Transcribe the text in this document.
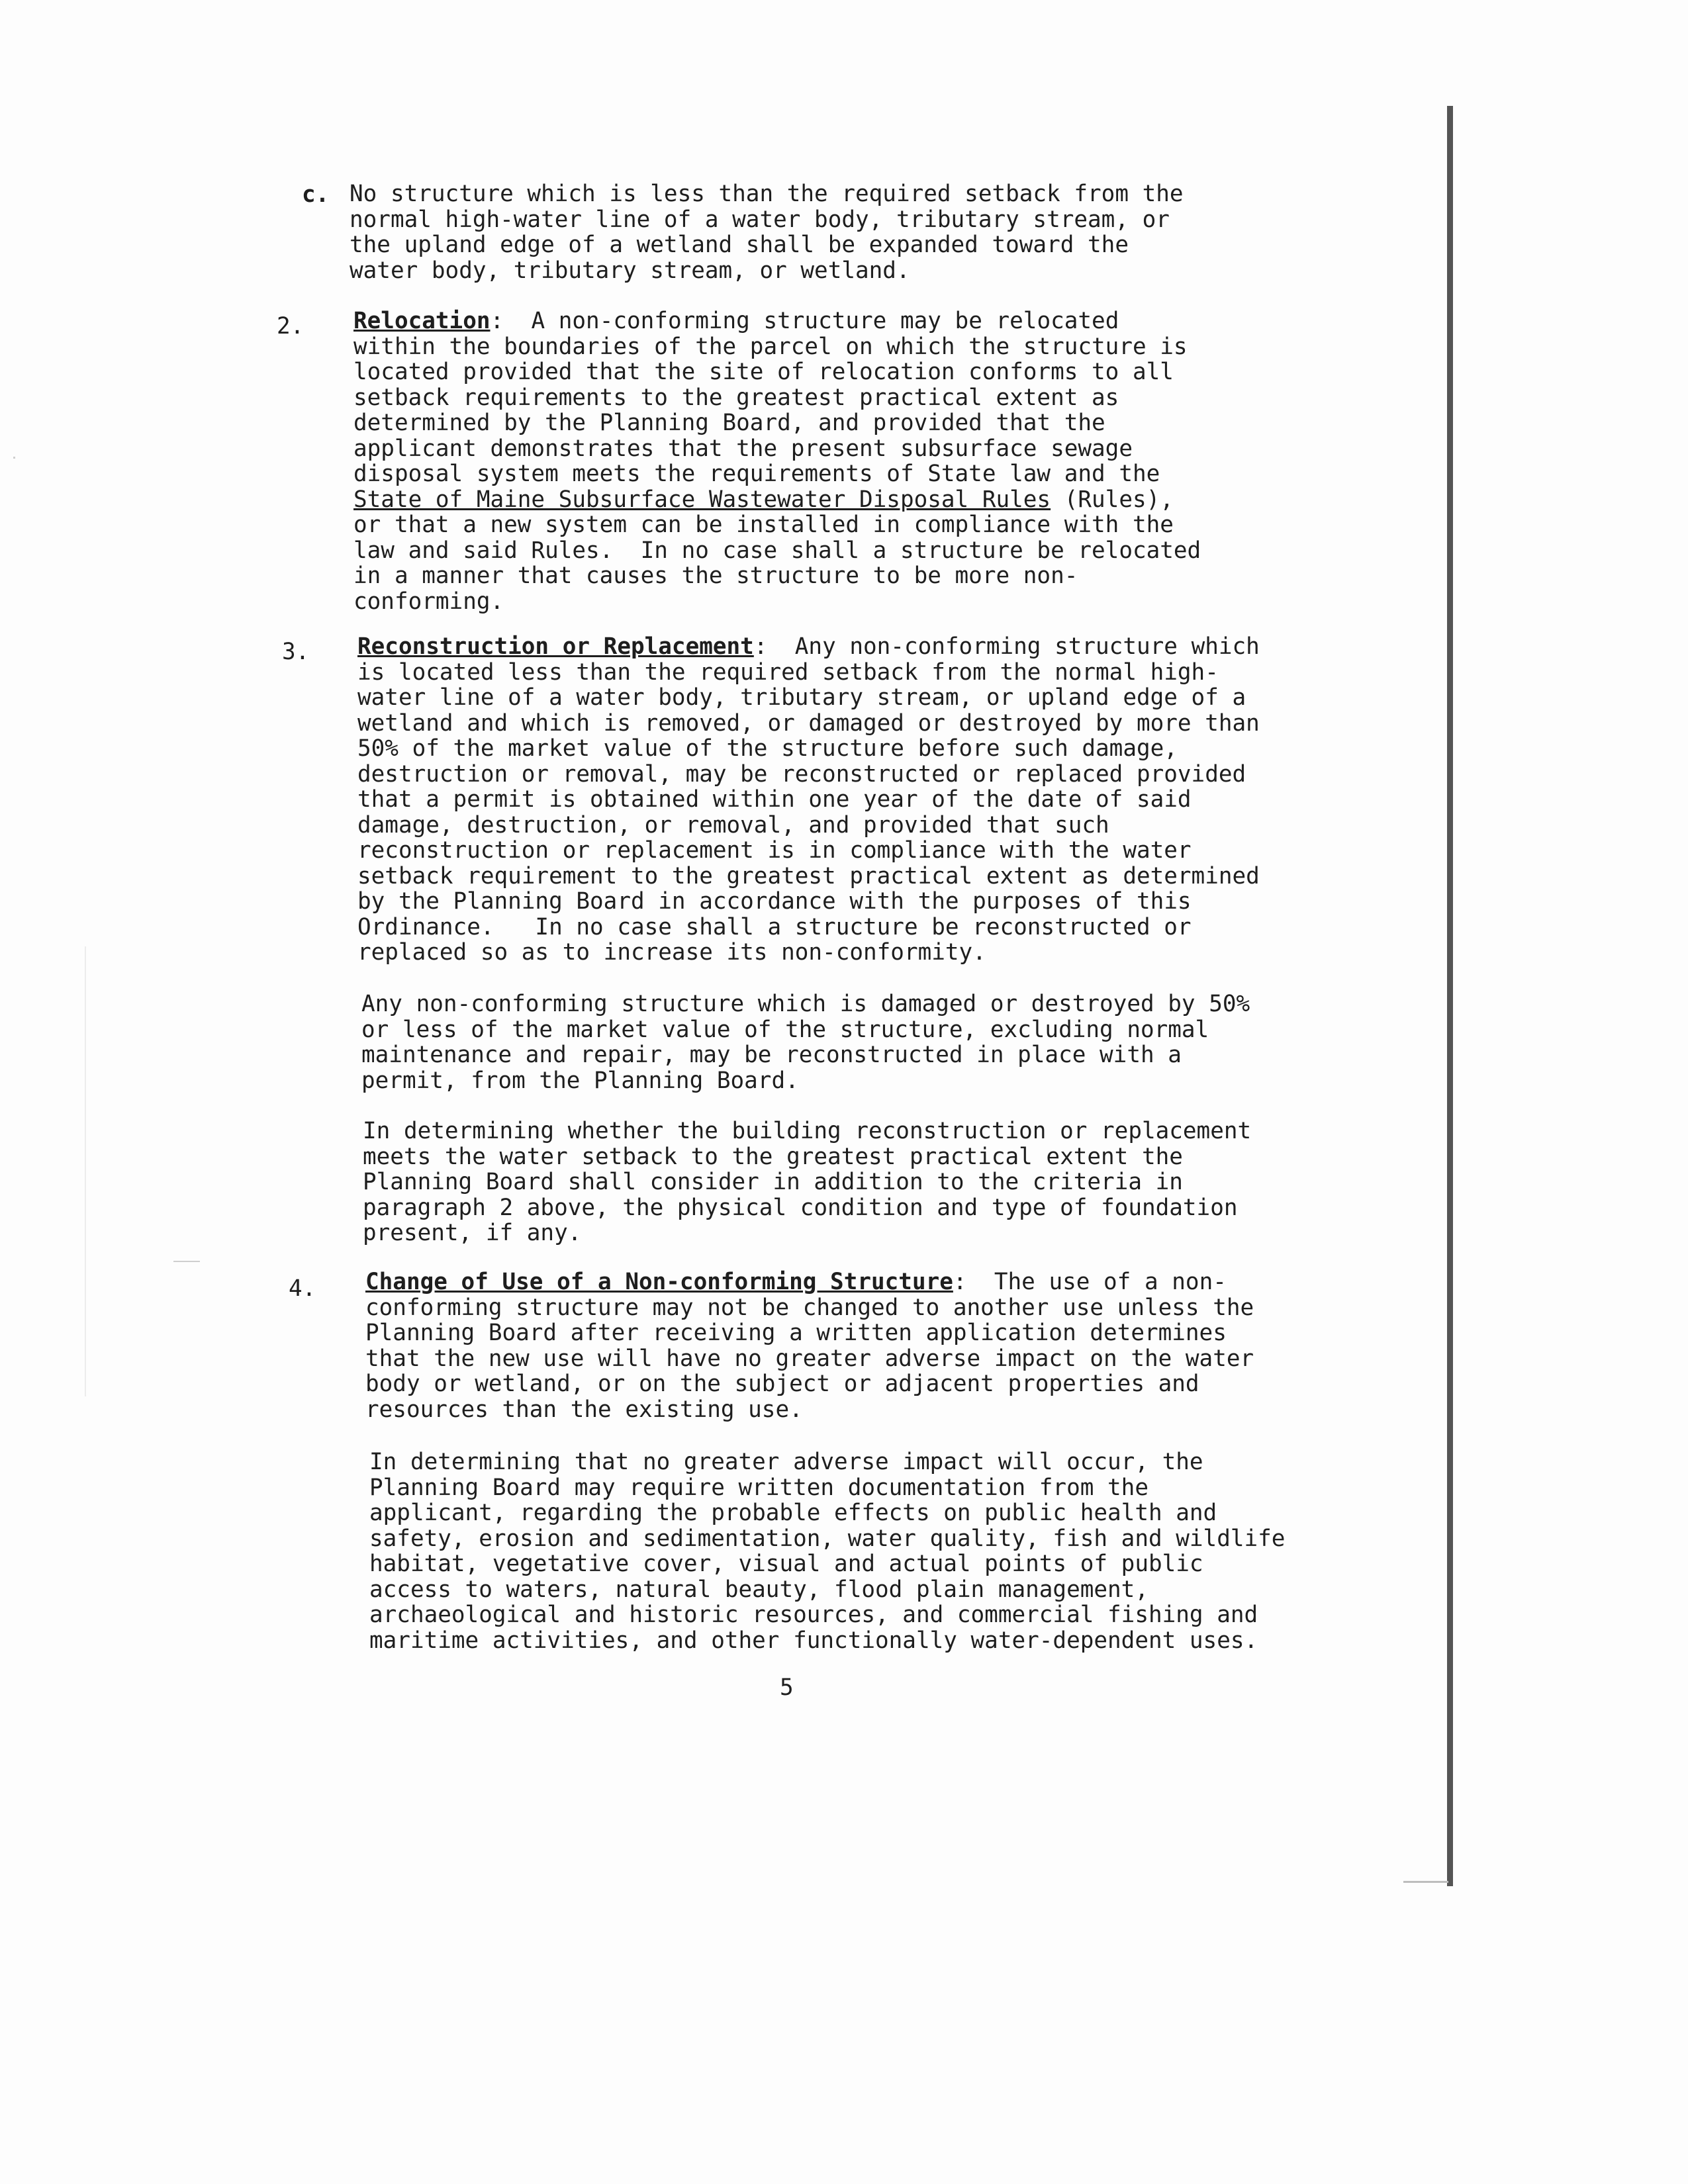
c. No structure which is less than the required setback from the
normal high-water line of a water body, tributary stream, or
the upland edge of a wetland shall be expanded toward the
water body, tributary stream, or wetland.
2. Relocation:  A non-conforming structure may be relocated
within the boundaries of the parcel on which the structure is
located provided that the site of relocation conforms to all
setback requirements to the greatest practical extent as
determined by the Planning Board, and provided that the
applicant demonstrates that the present subsurface sewage
disposal system meets the requirements of State law and the
State of Maine Subsurface Wastewater Disposal Rules (Rules),
or that a new system can be installed in compliance with the
law and said Rules.  In no case shall a structure be relocated
in a manner that causes the structure to be more non-
conforming.
3. Reconstruction or Replacement:  Any non-conforming structure which
is located less than the required setback from the normal high-
water line of a water body, tributary stream, or upland edge of a
wetland and which is removed, or damaged or destroyed by more than
50% of the market value of the structure before such damage,
destruction or removal, may be reconstructed or replaced provided
that a permit is obtained within one year of the date of said
damage, destruction, or removal, and provided that such
reconstruction or replacement is in compliance with the water
setback requirement to the greatest practical extent as determined
by the Planning Board in accordance with the purposes of this
Ordinance.   In no case shall a structure be reconstructed or
replaced so as to increase its non-conformity.
Any non-conforming structure which is damaged or destroyed by 50%
or less of the market value of the structure, excluding normal
maintenance and repair, may be reconstructed in place with a
permit, from the Planning Board.
In determining whether the building reconstruction or replacement
meets the water setback to the greatest practical extent the
Planning Board shall consider in addition to the criteria in
paragraph 2 above, the physical condition and type of foundation
present, if any.
4. Change of Use of a Non-conforming Structure:  The use of a non-
conforming structure may not be changed to another use unless the
Planning Board after receiving a written application determines
that the new use will have no greater adverse impact on the water
body or wetland, or on the subject or adjacent properties and
resources than the existing use.
In determining that no greater adverse impact will occur, the
Planning Board may require written documentation from the
applicant, regarding the probable effects on public health and
safety, erosion and sedimentation, water quality, fish and wildlife
habitat, vegetative cover, visual and actual points of public
access to waters, natural beauty, flood plain management,
archaeological and historic resources, and commercial fishing and
maritime activities, and other functionally water-dependent uses.
5
